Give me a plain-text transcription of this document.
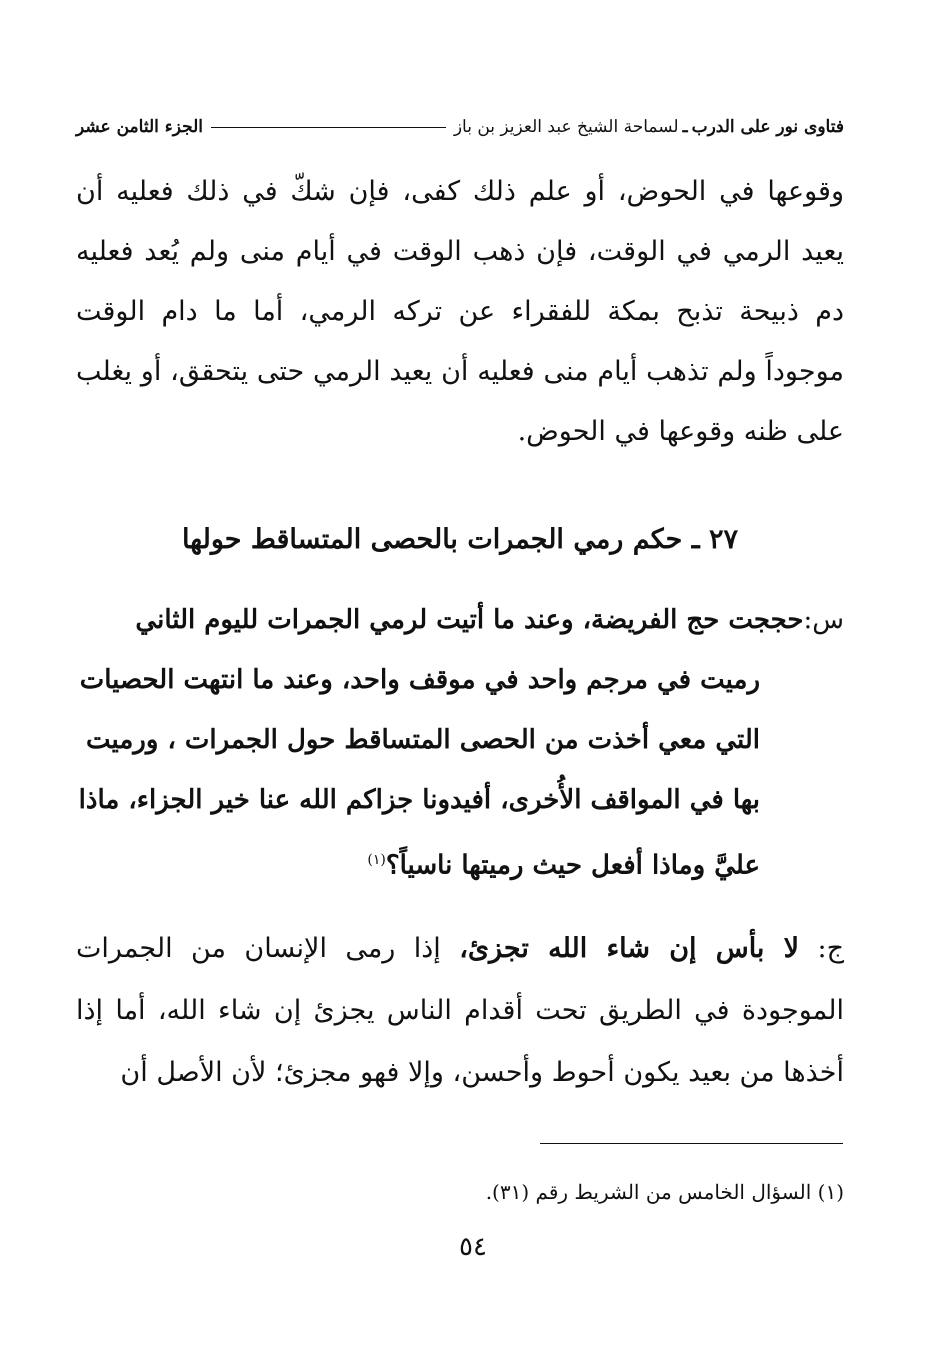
فتاوى نور على الدرب
ـ
لسماحة الشيخ عبد العزيز بن باز
الجزء الثامن عشر
وقوعها في الحوض، أو علم ذلك كفى، فإن شكّ في ذلك فعليه أن يعيد الرمي في الوقت، فإن ذهب الوقت في أيام منى ولم يُعد فعليه دم ذبيحة تذبح بمكة للفقراء عن تركه الرمي، أما ما دام الوقت موجوداً ولم تذهب أيام منى فعليه أن يعيد الرمي حتى يتحقق، أو يغلب على ظنه وقوعها في الحوض.
٢٧ ـ حكم رمي الجمرات بالحصى المتساقط حولها
س:حججت حج الفريضة، وعند ما أتيت لرمي الجمرات لليوم الثاني
رميت في مرجم واحد في موقف واحد، وعند ما انتهت الحصيات
التي معي أخذت من الحصى المتساقط حول الجمرات ، ورميت
بها في المواقف الأُخرى، أفيدونا جزاكم الله عنا خير الجزاء، ماذا
عليَّ وماذا أفعل حيث رميتها ناسياً؟$^{(١)}$
ج: لا بأس إن شاء الله تجزئ، إذا رمى الإنسان من الجمرات الموجودة في الطريق تحت أقدام الناس يجزئ إن شاء الله، أما إذا أخذها من بعيد يكون أحوط وأحسن، وإلا فهو مجزئ؛ لأن الأصل أن
(١) السؤال الخامس من الشريط رقم (٣١).
٥٤
